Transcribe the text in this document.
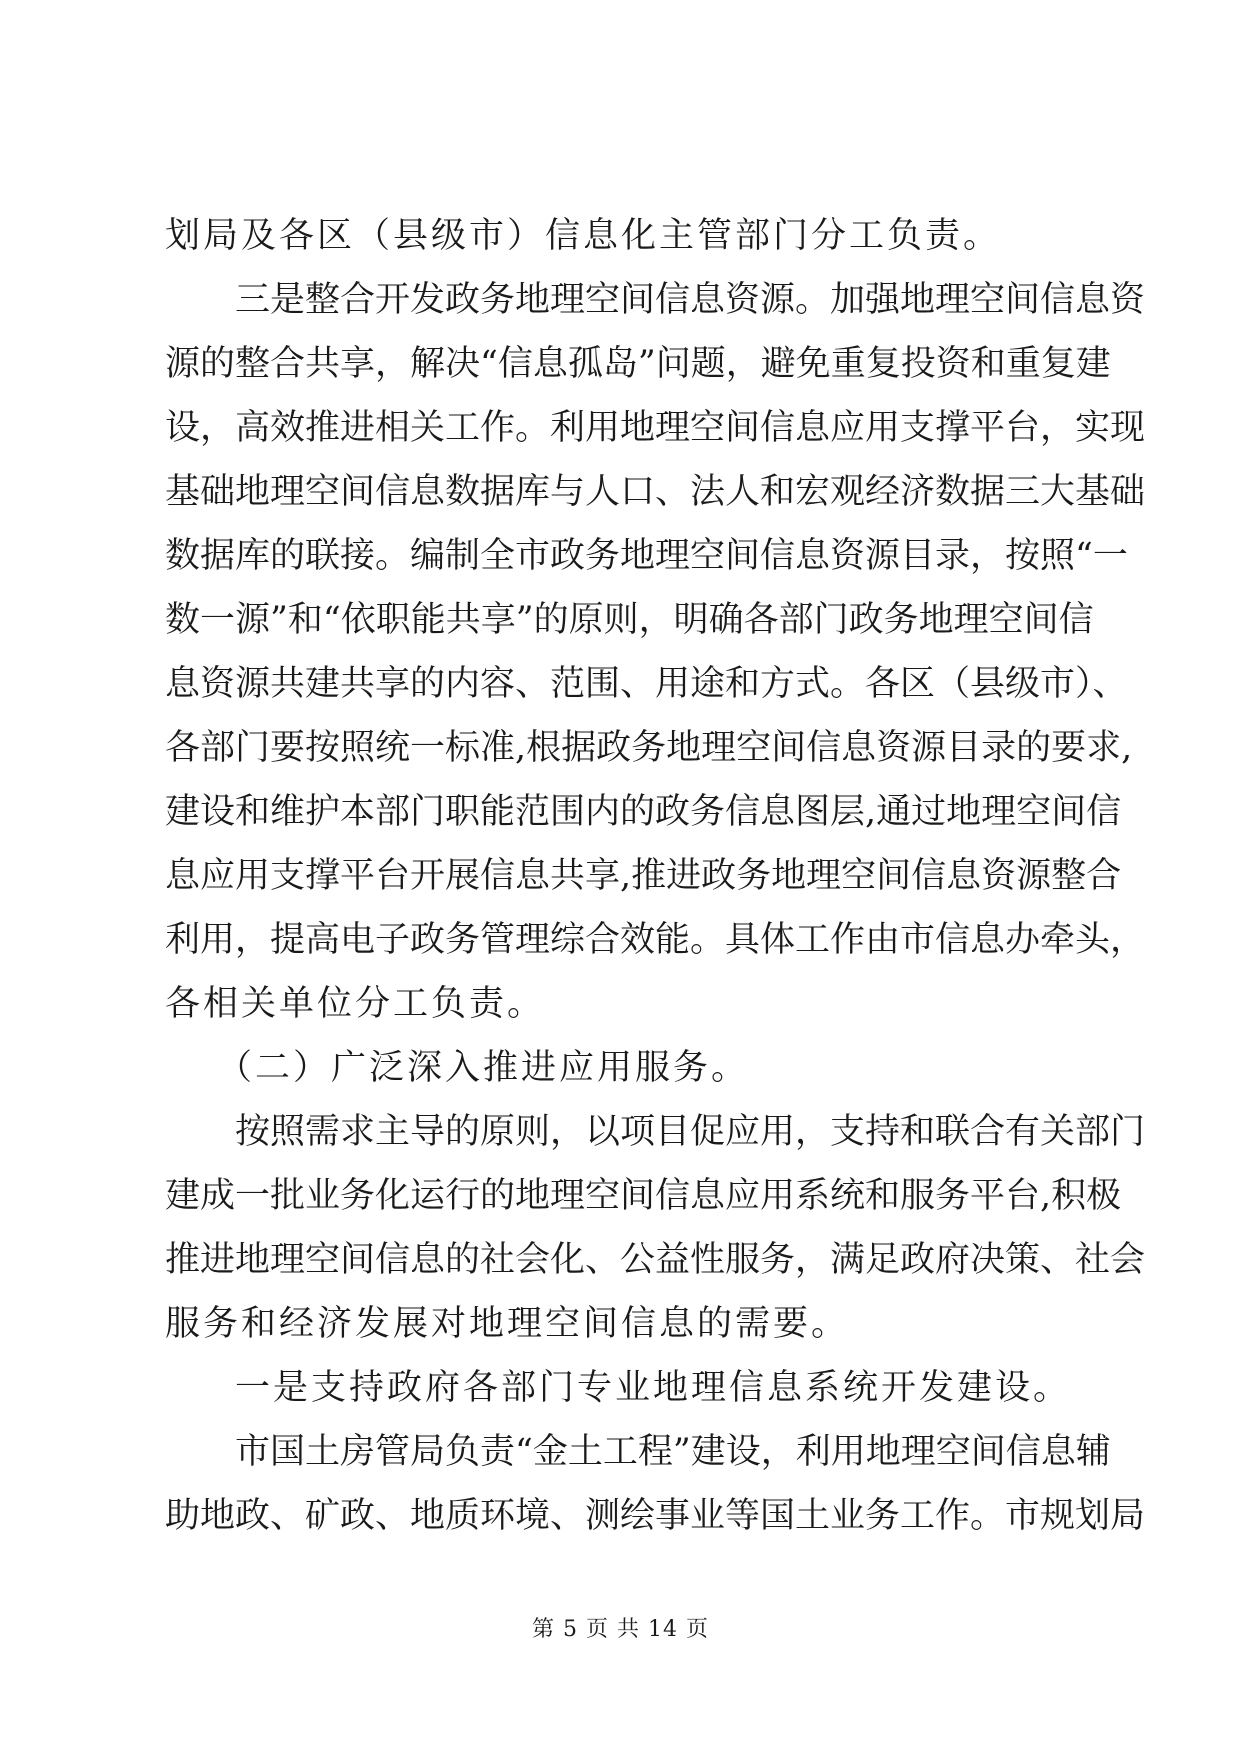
划局及各区（县级市）信息化主管部门分工负责。
三是整合开发政务地理空间信息资源。加强地理空间信息资
源的整合共享，解决“信息孤岛”问题，避免重复投资和重复建
设，高效推进相关工作。利用地理空间信息应用支撑平台，实现
基础地理空间信息数据库与人口、法人和宏观经济数据三大基础
数据库的联接。编制全市政务地理空间信息资源目录，按照“一
数一源”和“依职能共享”的原则，明确各部门政务地理空间信
息资源共建共享的内容、范围、用途和方式。各区（县级市）、
各部门要按照统一标准,根据政务地理空间信息资源目录的要求,
建设和维护本部门职能范围内的政务信息图层,通过地理空间信
息应用支撑平台开展信息共享,推进政务地理空间信息资源整合
利用，提高电子政务管理综合效能。具体工作由市信息办牵头，
各相关单位分工负责。
（二）广泛深入推进应用服务。
按照需求主导的原则，以项目促应用，支持和联合有关部门
建成一批业务化运行的地理空间信息应用系统和服务平台,积极
推进地理空间信息的社会化、公益性服务，满足政府决策、社会
服务和经济发展对地理空间信息的需要。
一是支持政府各部门专业地理信息系统开发建设。
市国土房管局负责“金土工程”建设，利用地理空间信息辅
助地政、矿政、地质环境、测绘事业等国土业务工作。市规划局
第 5 页 共 14 页
